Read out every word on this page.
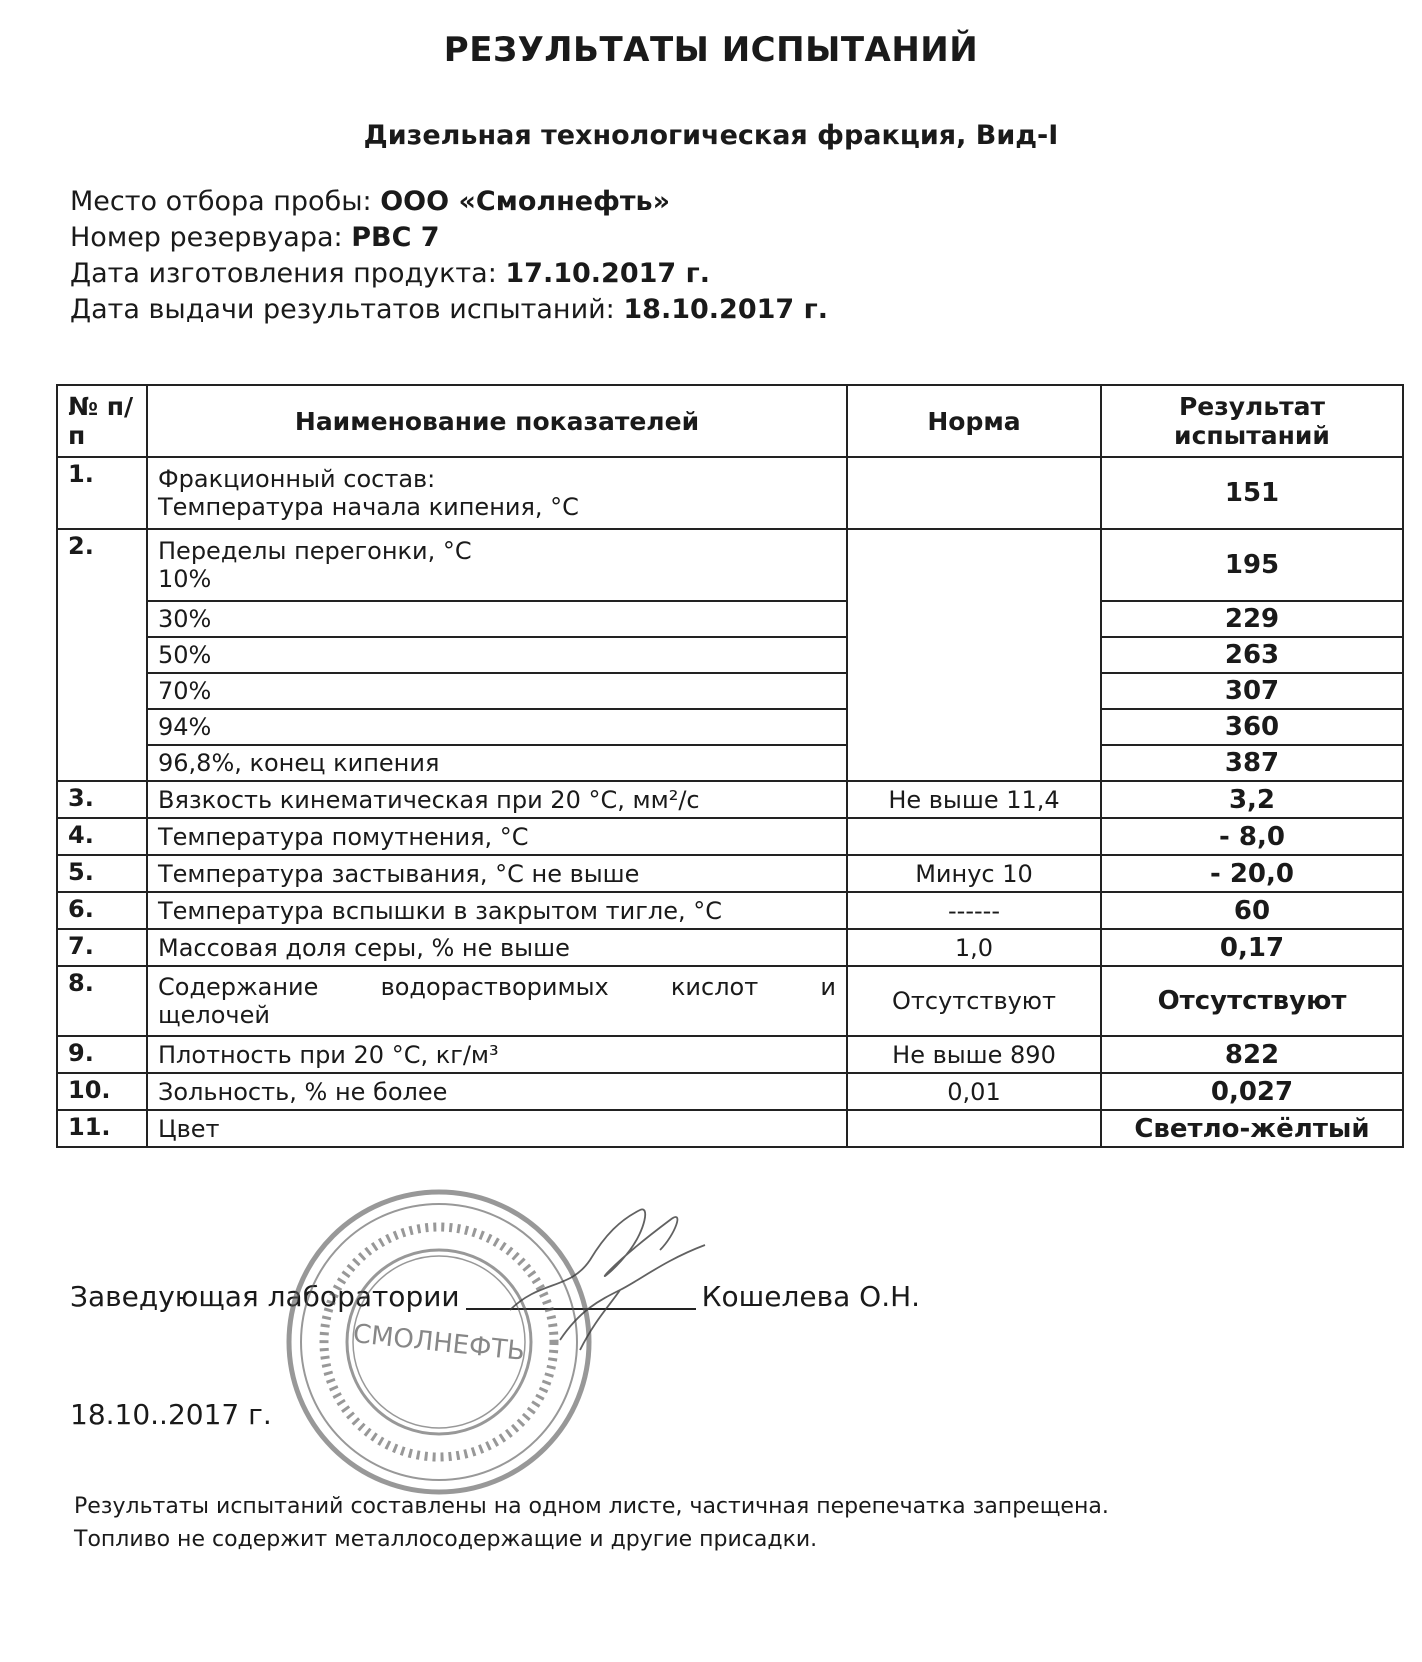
РЕЗУЛЬТАТЫ ИСПЫТАНИЙ
Дизельная технологическая фракция, Вид-I
Место отбора пробы: ООО «Смолнефть»
Номер резервуара: РВС 7
Дата изготовления продукта: 17.10.2017 г.
Дата выдачи результатов испытаний: 18.10.2017 г.
№ п/п	Наименование показателей	Норма	Результат испытаний
1.	Фракционный состав:
Температура начала кипения, °С		151
2.	Переделы перегонки, °С
10%		195
	30%		229
	50%		263
	70%		307
	94%		360
	96,8%, конец кипения		387
3.	Вязкость кинематическая при 20 °С, мм²/с	Не выше 11,4	3,2
4.	Температура помутнения, °С		- 8,0
5.	Температура застывания, °С не выше	Минус 10	- 20,0
6.	Температура вспышки в закрытом тигле, °С	------	60
7.	Массовая доля серы, % не выше	1,0	0,17
8.	Содержание водорастворимых кислот и
щелочей	Отсутствуют	Отсутствуют
9.	Плотность при 20 °С, кг/м³	Не выше 890	822
10.	Зольность, % не более	0,01	0,027
11.	Цвет		Светло-жёлтый
Заведующая лаборатории	Кошелева О.Н.
18.10..2017 г.
СМОЛНЕФТЬ
Результаты испытаний составлены на одном листе, частичная перепечатка запрещена.
Топливо не содержит металлосодержащие и другие присадки.
